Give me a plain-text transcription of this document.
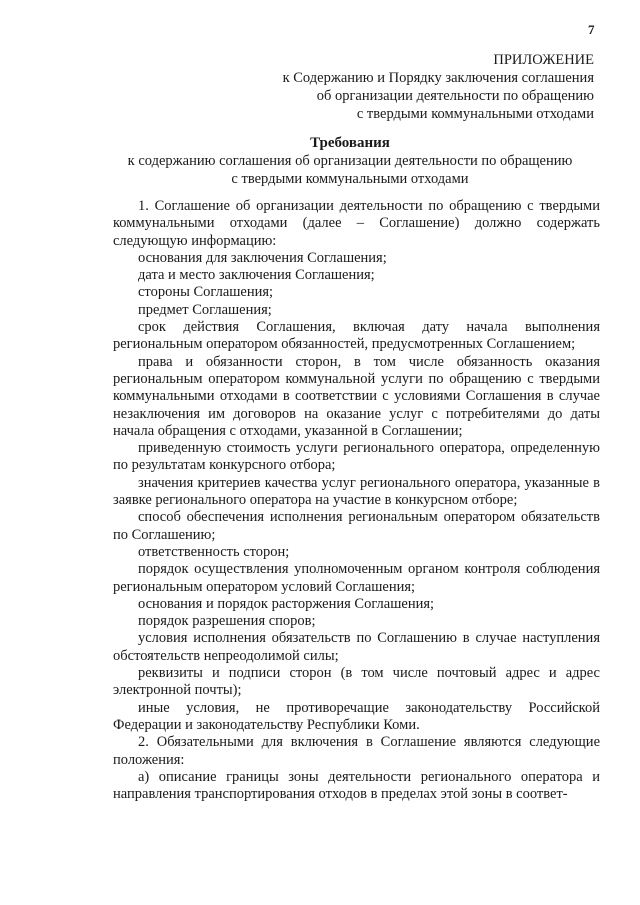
7
ПРИЛОЖЕНИЕ
к Содержанию и Порядку заключения соглашения
об организации деятельности по обращению
с твердыми коммунальными отходами
Требования
к содержанию соглашения об организации деятельности по обращению
с твердыми коммунальными отходами

1. Соглашение об организации деятельности по обращению с твердыми коммунальными отходами (далее – Соглашение) должно содержать следующую информацию:

основания для заключения Соглашения;

дата и место заключения Соглашения;

стороны Соглашения;

предмет Соглашения;

срок действия Соглашения, включая дату начала выполнения региональным оператором обязанностей, предусмотренных Соглашением;

права и обязанности сторон, в том числе обязанность оказания региональным оператором коммунальной услуги по обращению с твердыми коммунальными отходами в соответствии с условиями Соглашения в случае незаключения им договоров на оказание услуг с потребителями до даты начала обращения с отходами, указанной в Соглашении;

приведенную стоимость услуги регионального оператора, определенную по результатам конкурсного отбора;

значения критериев качества услуг регионального оператора, указанные в заявке регионального оператора на участие в конкурсном отборе;

способ обеспечения исполнения региональным оператором обязательств по Соглашению;

ответственность сторон;

порядок осуществления уполномоченным органом контроля соблюдения региональным оператором условий Соглашения;

основания и порядок расторжения Соглашения;

порядок разрешения споров;

условия исполнения обязательств по Соглашению в случае наступления обстоятельств непреодолимой силы;

реквизиты и подписи сторон (в том числе почтовый адрес и адрес электронной почты);

иные условия, не противоречащие законодательству Российской Федерации и законодательству Республики Коми.

2. Обязательными для включения в Соглашение являются следующие положения:

а) описание границы зоны деятельности регионального оператора и направления транспортирования отходов в пределах этой зоны в соответ-
